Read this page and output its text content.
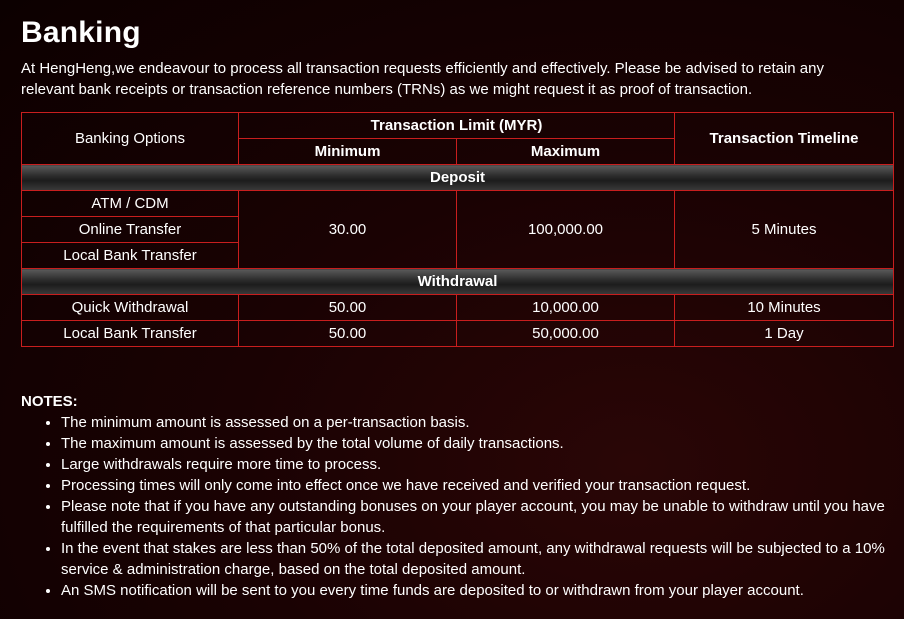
Banking

At HengHeng,we endeavour to process all transaction requests efficiently and effectively. Please be advised to retain any relevant bank receipts or transaction reference numbers (TRNs) as we might request it as proof of transaction.

Banking Options	Transaction Limit (MYR)		Transaction Timeline
	Minimum	Maximum	
Deposit			
ATM / CDM	30.00	100,000.00	5 Minutes
Online Transfer			
Local Bank Transfer			
Withdrawal			
Quick Withdrawal	50.00	10,000.00	10 Minutes
Local Bank Transfer	50.00	50,000.00	1 Day
NOTES:
• The minimum amount is assessed on a per-transaction basis.
• The maximum amount is assessed by the total volume of daily transactions.
• Large withdrawals require more time to process.
• Processing times will only come into effect once we have received and verified your transaction request.
• Please note that if you have any outstanding bonuses on your player account, you may be unable to withdraw until you have fulfilled the requirements of that particular bonus.
• In the event that stakes are less than 50% of the total deposited amount, any withdrawal requests will be subjected to a 10% service & administration charge, based on the total deposited amount.
• An SMS notification will be sent to you every time funds are deposited to or withdrawn from your player account.
